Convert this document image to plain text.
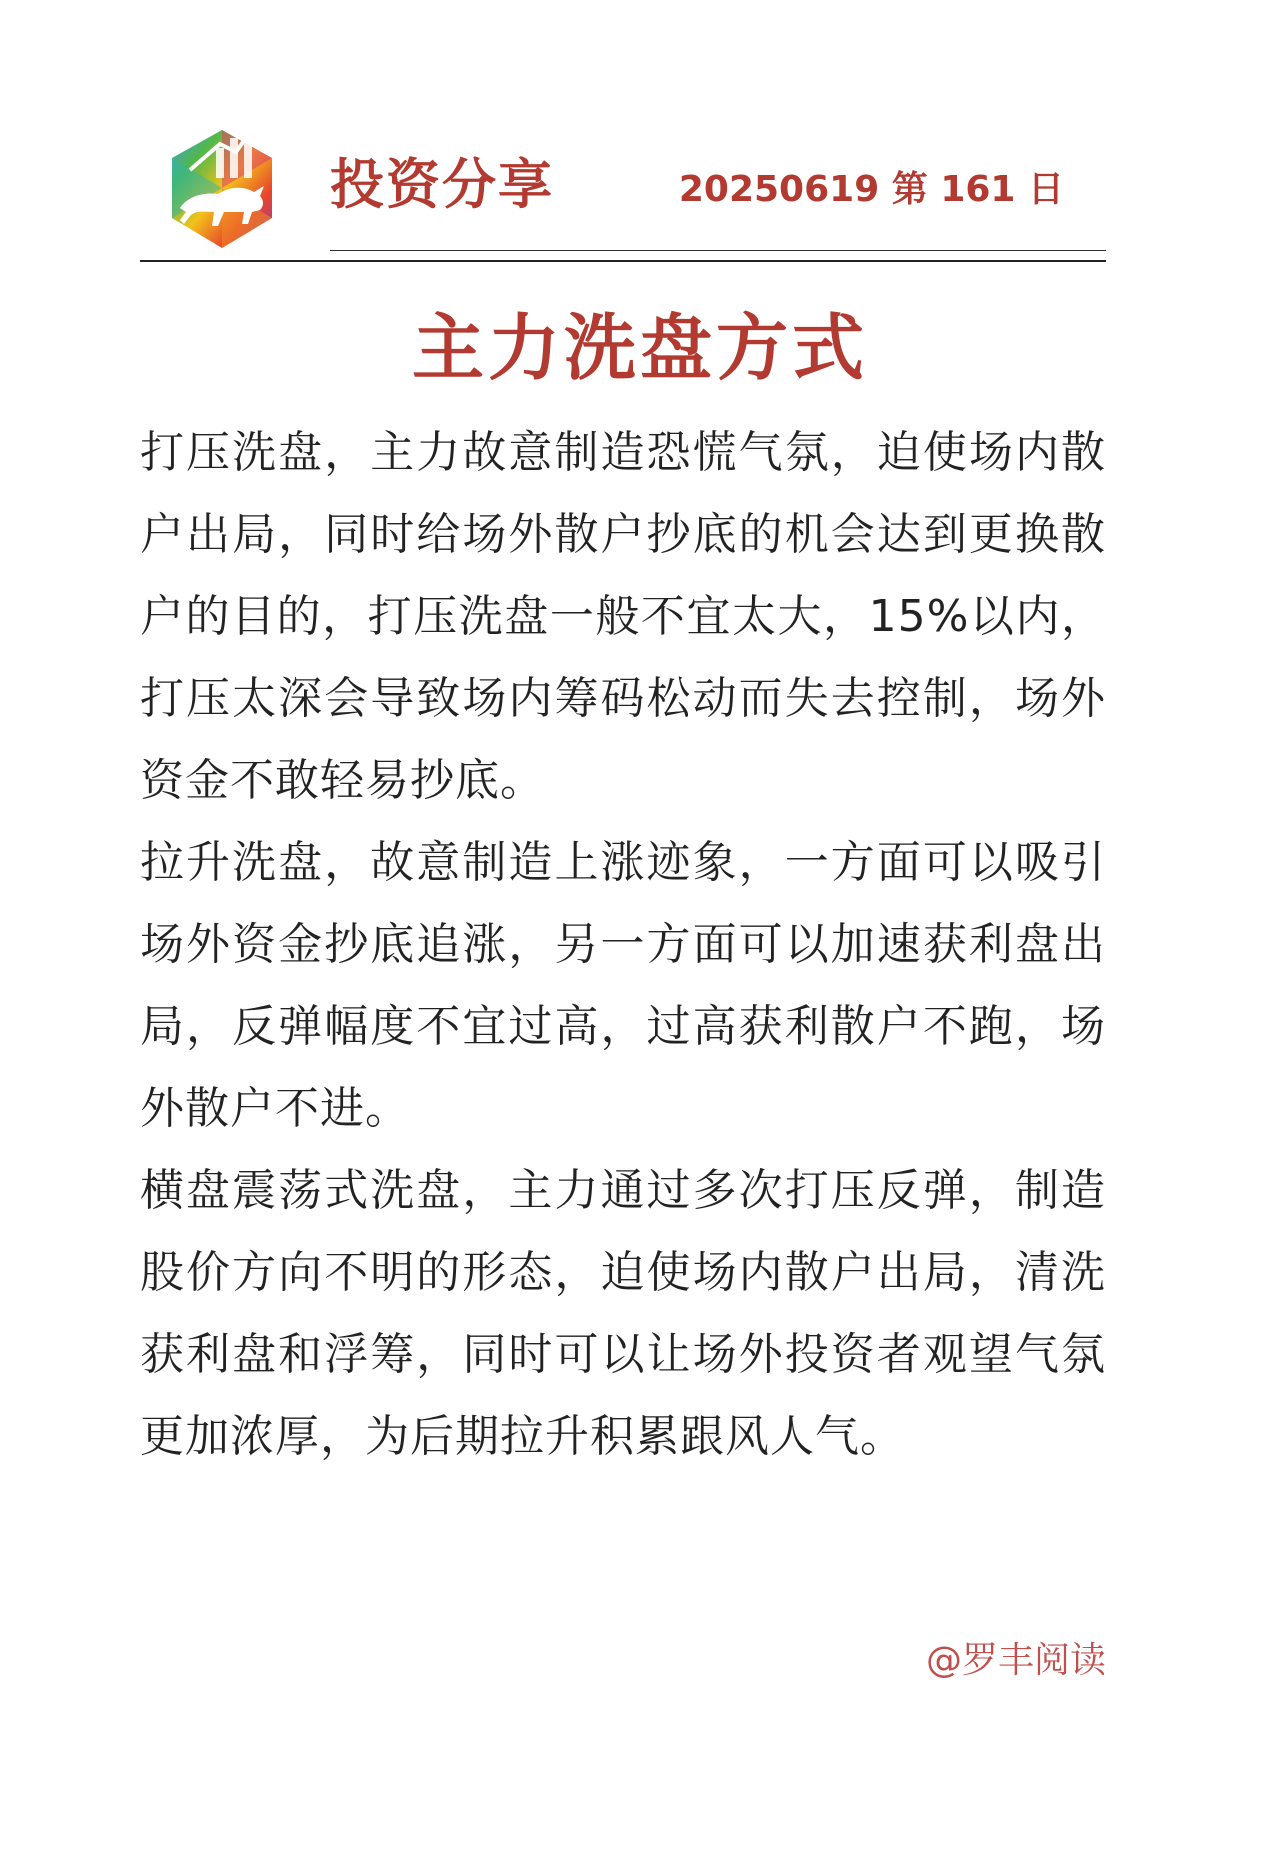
投资分享	20250619 第 161 日
主力洗盘方式

打压洗盘，主力故意制造恐慌气氛，迫使场内散户出局，同时给场外散户抄底的机会达到更换散户的目的，打压洗盘一般不宜太大，15%以内，打压太深会导致场内筹码松动而失去控制，场外资金不敢轻易抄底。

拉升洗盘，故意制造上涨迹象，一方面可以吸引场外资金抄底追涨，另一方面可以加速获利盘出局，反弹幅度不宜过高，过高获利散户不跑，场外散户不进。

横盘震荡式洗盘，主力通过多次打压反弹，制造股价方向不明的形态，迫使场内散户出局，清洗获利盘和浮筹，同时可以让场外投资者观望气氛更加浓厚，为后期拉升积累跟风人气。

@罗丰阅读
